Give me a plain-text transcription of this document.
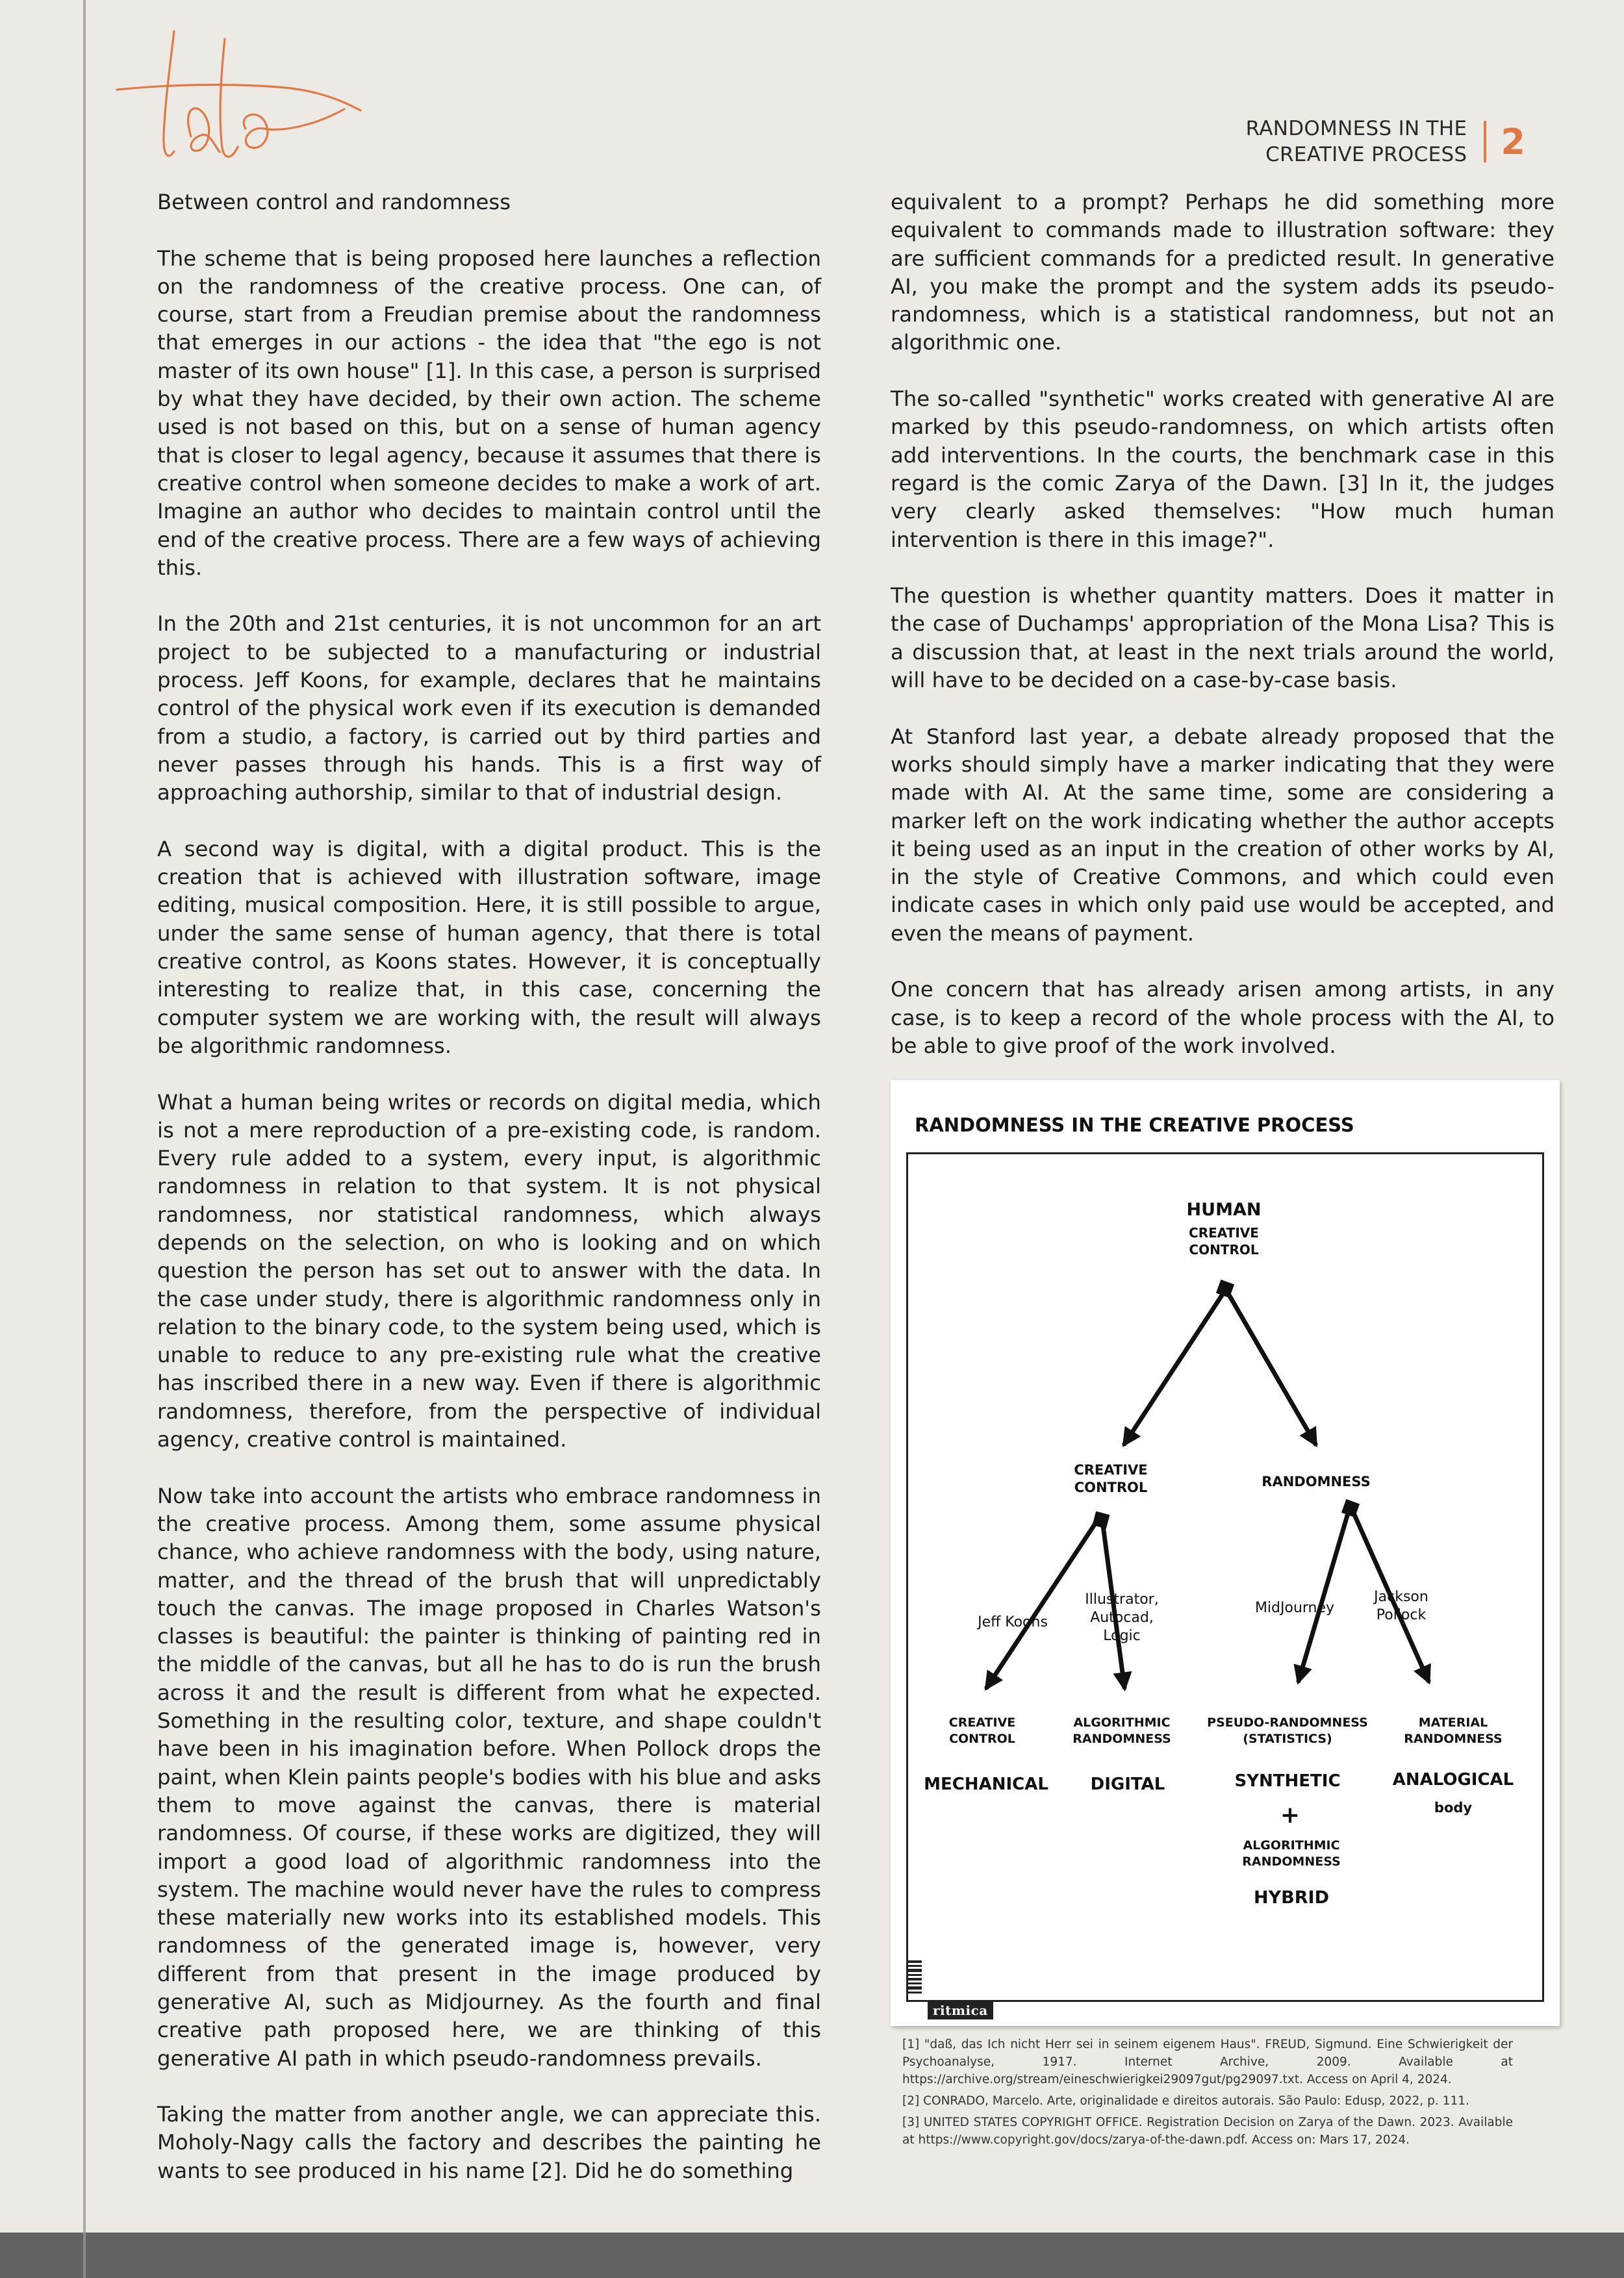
RANDOMNESS IN THE
CREATIVE PROCESS 2
Between control and randomness

The scheme that is being proposed here launches a reflection on the randomness of the creative process. One can, of course, start from a Freudian premise about the randomness that emerges in our actions - the idea that "the ego is not master of its own house" [1]. In this case, a person is surprised by what they have decided, by their own action. The scheme used is not based on this, but on a sense of human agency that is closer to legal agency, because it assumes that there is creative control when someone decides to make a work of art. Imagine an author who decides to maintain control until the end of the creative process. There are a few ways of achieving this.

In the 20th and 21st centuries, it is not uncommon for an art project to be subjected to a manufacturing or industrial process. Jeff Koons, for example, declares that he maintains control of the physical work even if its execution is demanded from a studio, a factory, is carried out by third parties and never passes through his hands. This is a first way of approaching authorship, similar to that of industrial design.

A second way is digital, with a digital product. This is the creation that is achieved with illustration software, image editing, musical composition. Here, it is still possible to argue, under the same sense of human agency, that there is total creative control, as Koons states. However, it is conceptually interesting to realize that, in this case, concerning the computer system we are working with, the result will always be algorithmic randomness.

What a human being writes or records on digital media, which is not a mere reproduction of a pre-existing code, is random. Every rule added to a system, every input, is algorithmic randomness in relation to that system. It is not physical randomness, nor statistical randomness, which always depends on the selection, on who is looking and on which question the person has set out to answer with the data. In the case under study, there is algorithmic randomness only in relation to the binary code, to the system being used, which is unable to reduce to any pre-existing rule what the creative has inscribed there in a new way. Even if there is algorithmic randomness, therefore, from the perspective of individual agency, creative control is maintained.

Now take into account the artists who embrace randomness in the creative process. Among them, some assume physical chance, who achieve randomness with the body, using nature, matter, and the thread of the brush that will unpredictably touch the canvas. The image proposed in Charles Watson's classes is beautiful: the painter is thinking of painting red in the middle of the canvas, but all he has to do is run the brush across it and the result is different from what he expected. Something in the resulting color, texture, and shape couldn't have been in his imagination before. When Pollock drops the paint, when Klein paints people's bodies with his blue and asks them to move against the canvas, there is material randomness. Of course, if these works are digitized, they will import a good load of algorithmic randomness into the system. The machine would never have the rules to compress these materially new works into its established models. This randomness of the generated image is, however, very different from that present in the image produced by generative AI, such as Midjourney. As the fourth and final creative path proposed here, we are thinking of this generative AI path in which pseudo-randomness prevails.

Taking the matter from another angle, we can appreciate this. Moholy-Nagy calls the factory and describes the painting he wants to see produced in his name [2]. Did he do something

equivalent to a prompt? Perhaps he did something more equivalent to commands made to illustration software: they are sufficient commands for a predicted result. In generative AI, you make the prompt and the system adds its pseudo-randomness, which is a statistical randomness, but not an algorithmic one.

The so-called "synthetic" works created with generative AI are marked by this pseudo-randomness, on which artists often add interventions. In the courts, the benchmark case in this regard is the comic Zarya of the Dawn. [3] In it, the judges very clearly asked themselves: "How much human intervention is there in this image?".

The question is whether quantity matters. Does it matter in the case of Duchamps' appropriation of the Mona Lisa? This is a discussion that, at least in the next trials around the world, will have to be decided on a case-by-case basis.

At Stanford last year, a debate already proposed that the works should simply have a marker indicating that they were made with AI. At the same time, some are considering a marker left on the work indicating whether the author accepts it being used as an input in the creation of other works by AI, in the style of Creative Commons, and which could even indicate cases in which only paid use would be accepted, and even the means of payment.

One concern that has already arisen among artists, in any case, is to keep a record of the whole process with the AI, to be able to give proof of the work involved.

RANDOMNESS IN THE CREATIVE PROCESS
HUMAN
CREATIVE
CONTROL
CREATIVE
CONTROL	RANDOMNESS
Jeff Koons
Illustrator,
Autocad,
Logic
MidJourney
Jackson
Pollock
CREATIVE
CONTROL
MECHANICAL
ALGORITHMIC
RANDOMNESS
DIGITAL
PSEUDO-RANDOMNESS
(STATISTICS)
SYNTHETIC
+
ALGORITHMIC
RANDOMNESS
HYBRID
MATERIAL
RANDOMNESS
ANALOGICAL
body
ritmica

[1] "daß, das Ich nicht Herr sei in seinem eigenem Haus". FREUD, Sigmund. Eine Schwierigkeit der Psychoanalyse, 1917. Internet Archive, 2009. Available at https://archive.org/stream/eineschwierigkei29097gut/pg29097.txt. Access on April 4, 2024.

[2] CONRADO, Marcelo. Arte, originalidade e direitos autorais. São Paulo: Edusp, 2022, p. 111.

[3] UNITED STATES COPYRIGHT OFFICE. Registration Decision on Zarya of the Dawn. 2023. Available at https://www.copyright.gov/docs/zarya-of-the-dawn.pdf. Access on: Mars 17, 2024.
